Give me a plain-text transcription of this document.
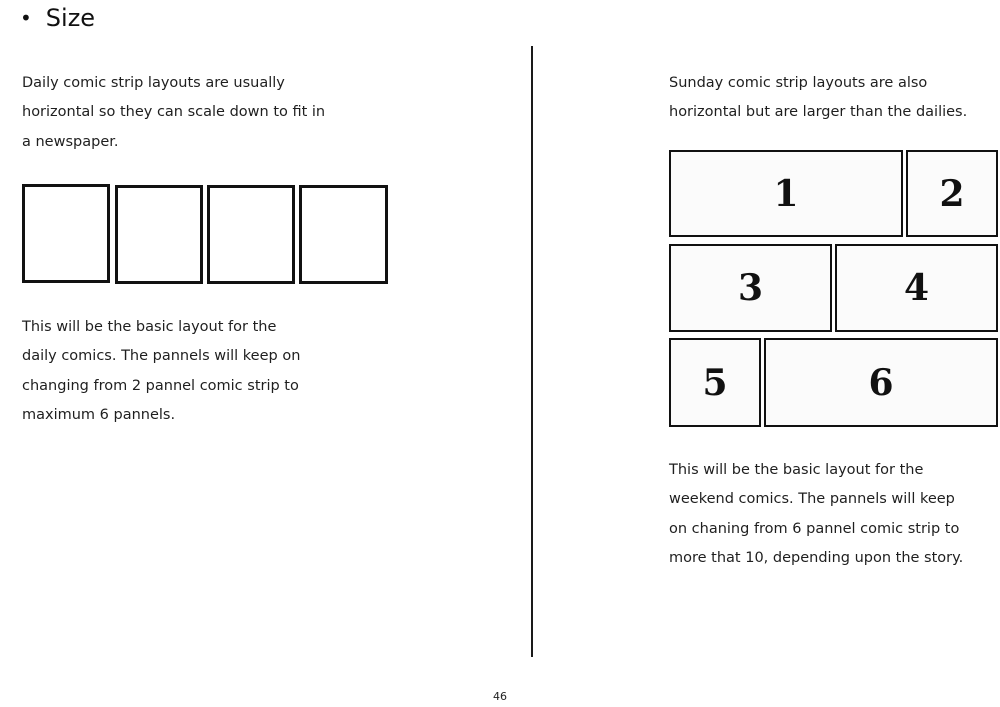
• Size
Daily comic strip layouts are usually
horizontal so they can scale down to fit in
a newspaper.
This will be the basic layout for the
daily comics. The pannels will keep on
changing from 2 pannel comic strip to
maximum 6 pannels.
Sunday comic strip layouts are also
horizontal but are larger than the dailies.
1	2
3	4
5	6
This will be the basic layout for the
weekend comics. The pannels will keep
on chaning from 6 pannel comic strip to
more that 10, depending upon the story.
46
